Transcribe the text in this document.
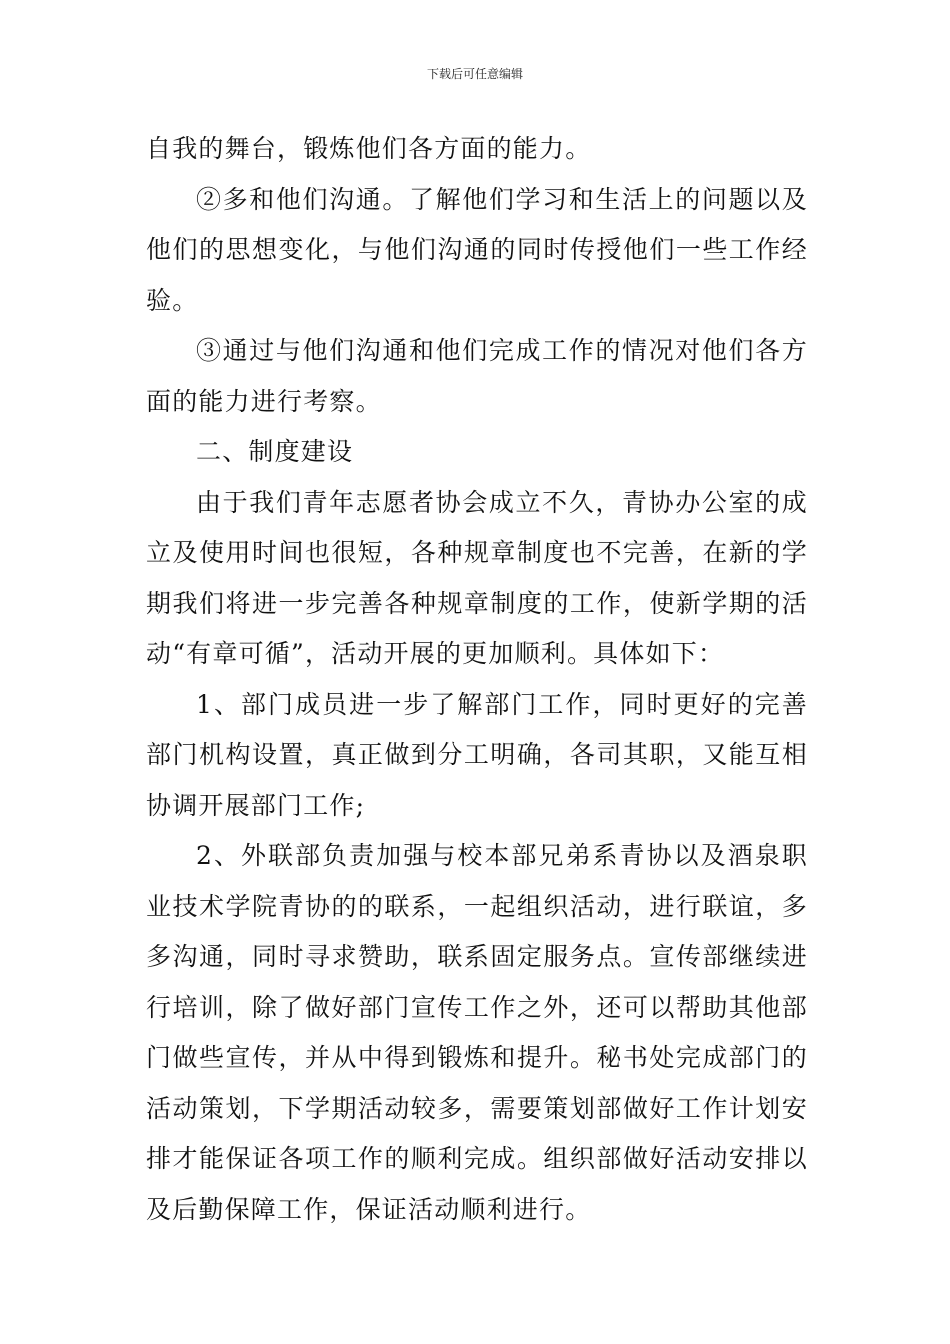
下载后可任意编辑

自我的舞台，锻炼他们各方面的能力。

②多和他们沟通。了解他们学习和生活上的问题以及他们的思想变化，与他们沟通的同时传授他们一些工作经验。

③通过与他们沟通和他们完成工作的情况对他们各方面的能力进行考察。

二、制度建设

由于我们青年志愿者协会成立不久，青协办公室的成立及使用时间也很短，各种规章制度也不完善，在新的学期我们将进一步完善各种规章制度的工作，使新学期的活动“有章可循”，活动开展的更加顺利。具体如下：

1、部门成员进一步了解部门工作，同时更好的完善部门机构设置，真正做到分工明确，各司其职，又能互相协调开展部门工作;

2、外联部负责加强与校本部兄弟系青协以及酒泉职业技术学院青协的的联系，一起组织活动，进行联谊，多多沟通，同时寻求赞助，联系固定服务点。宣传部继续进行培训，除了做好部门宣传工作之外，还可以帮助其他部门做些宣传，并从中得到锻炼和提升。秘书处完成部门的活动策划，下学期活动较多，需要策划部做好工作计划安排才能保证各项工作的顺利完成。组织部做好活动安排以及后勤保障工作，保证活动顺利进行。
